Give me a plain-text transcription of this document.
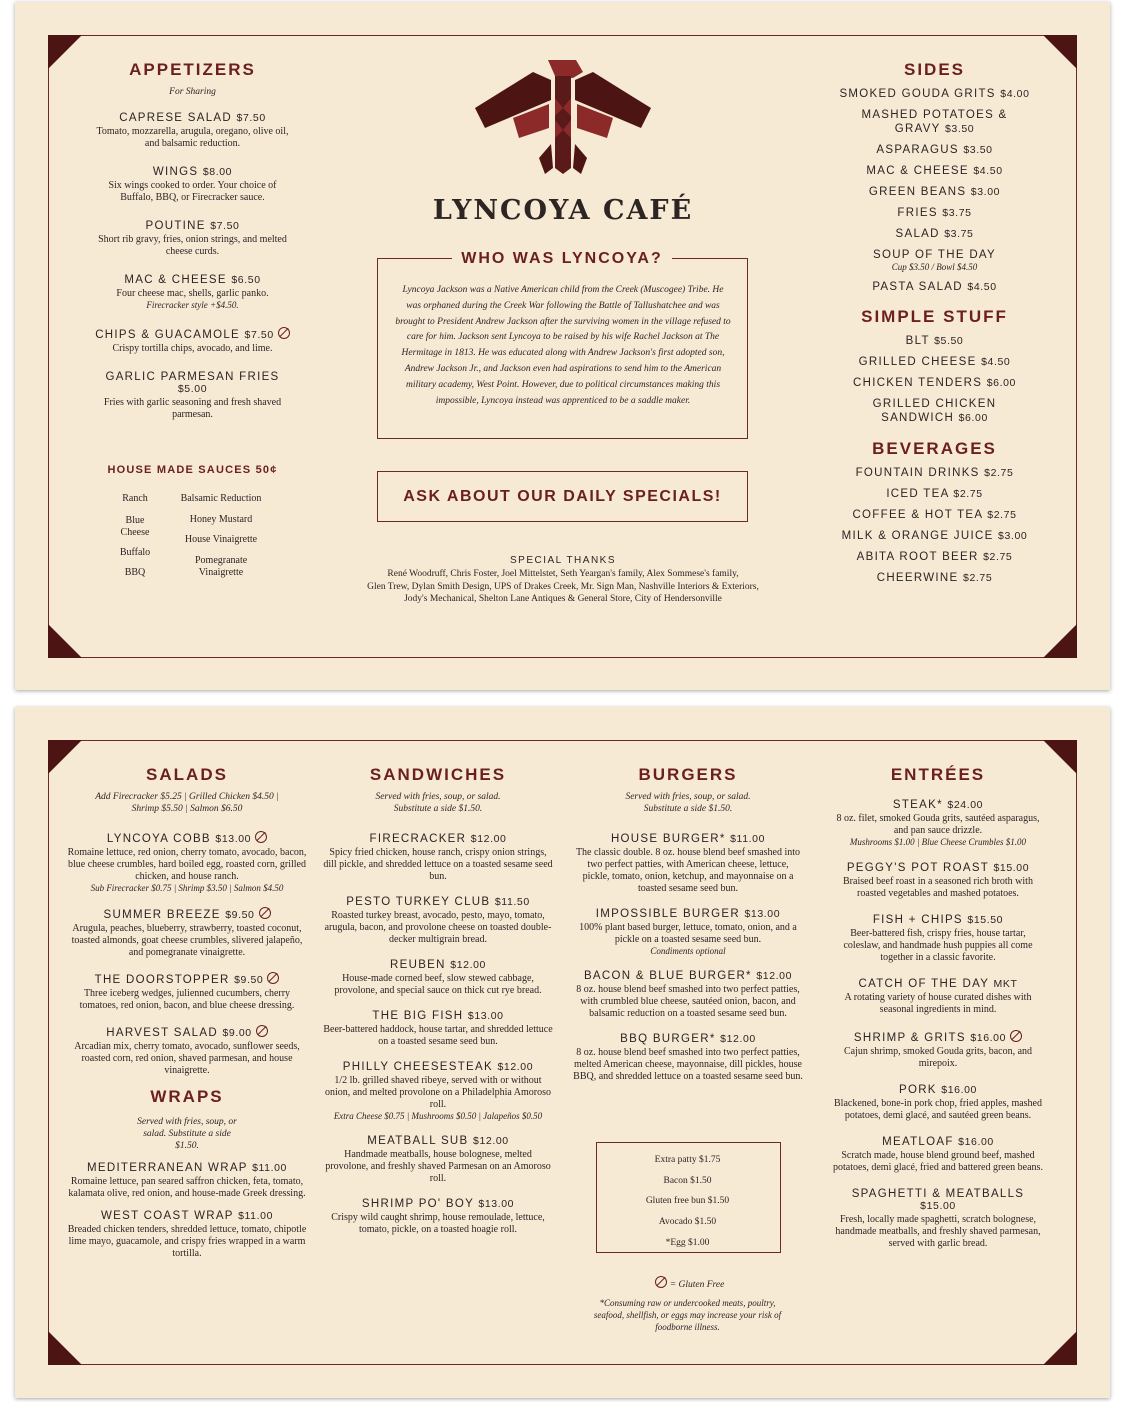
APPETIZERS
For Sharing
CAPRESE SALAD $7.50
Tomato, mozzarella, arugula, oregano, olive oil, and balsamic reduction.
WINGS $8.00
Six wings cooked to order. Your choice of Buffalo, BBQ, or Firecracker sauce.
POUTINE $7.50
Short rib gravy, fries, onion strings, and melted cheese curds.
MAC & CHEESE $6.50
Four cheese mac, shells, garlic panko.
Firecracker style +$4.50.
CHIPS & GUACAMOLE $7.50
Crispy tortilla chips, avocado, and lime.
GARLIC PARMESAN FRIES $5.00
Fries with garlic seasoning and fresh shaved parmesan.
HOUSE MADE SAUCES 50¢
Ranch
Blue Cheese
Buffalo
BBQ
Balsamic Reduction
Honey Mustard
House Vinaigrette
Pomegranate Vinaigrette
LYNCOYA CAFÉ
WHO WAS LYNCOYA?
Lyncoya Jackson was a Native American child from the Creek (Muscogee) Tribe. He was orphaned during the Creek War following the Battle of Tallushatchee and was brought to President Andrew Jackson after the surviving women in the village refused to care for him. Jackson sent Lyncoya to be raised by his wife Rachel Jackson at The Hermitage in 1813. He was educated along with Andrew Jackson's first adopted son, Andrew Jackson Jr., and Jackson even had aspirations to send him to the American military academy, West Point. However, due to political circumstances making this impossible, Lyncoya instead was apprenticed to be a saddle maker.
ASK ABOUT OUR DAILY SPECIALS!
SPECIAL THANKS
René Woodruff, Chris Foster, Joel Mittelstet, Seth Yeargan's family, Alex Sommese's family,
Glen Trew, Dylan Smith Design, UPS of Drakes Creek, Mr. Sign Man, Nashville Interiors & Exteriors,
Jody's Mechanical, Shelton Lane Antiques & General Store, City of Hendersonville
SIDES
SMOKED GOUDA GRITS $4.00
MASHED POTATOES & GRAVY $3.50
ASPARAGUS $3.50
MAC & CHEESE $4.50
GREEN BEANS $3.00
FRIES $3.75
SALAD $3.75
SOUP OF THE DAY
Cup $3.50 / Bowl $4.50
PASTA SALAD $4.50
SIMPLE STUFF
BLT $5.50
GRILLED CHEESE $4.50
CHICKEN TENDERS $6.00
GRILLED CHICKEN SANDWICH $6.00
BEVERAGES
FOUNTAIN DRINKS $2.75
ICED TEA $2.75
COFFEE & HOT TEA $2.75
MILK & ORANGE JUICE $3.00
ABITA ROOT BEER $2.75
CHEERWINE $2.75
SALADS
Add Firecracker $5.25 | Grilled Chicken $4.50 | Shrimp $5.50 | Salmon $6.50
LYNCOYA COBB $13.00
Romaine lettuce, red onion, cherry tomato, avocado, bacon, blue cheese crumbles, hard boiled egg, roasted corn, grilled chicken, and house ranch.
Sub Firecracker $0.75 | Shrimp $3.50 | Salmon $4.50
SUMMER BREEZE $9.50
Arugula, peaches, blueberry, strawberry, toasted coconut, toasted almonds, goat cheese crumbles, slivered jalapeño, and pomegranate vinaigrette.
THE DOORSTOPPER $9.50
Three iceberg wedges, julienned cucumbers, cherry tomatoes, red onion, bacon, and blue cheese dressing.
HARVEST SALAD $9.00
Arcadian mix, cherry tomato, avocado, sunflower seeds, roasted corn, red onion, shaved parmesan, and house vinaigrette.
WRAPS
Served with fries, soup, or salad. Substitute a side $1.50.
MEDITERRANEAN WRAP $11.00
Romaine lettuce, pan seared saffron chicken, feta, tomato, kalamata olive, red onion, and house-made Greek dressing.
WEST COAST WRAP $11.00
Breaded chicken tenders, shredded lettuce, tomato, chipotle lime mayo, guacamole, and crispy fries wrapped in a warm tortilla.
SANDWICHES
Served with fries, soup, or salad. Substitute a side $1.50.
FIRECRACKER $12.00
Spicy fried chicken, house ranch, crispy onion strings, dill pickle, and shredded lettuce on a toasted sesame seed bun.
PESTO TURKEY CLUB $11.50
Roasted turkey breast, avocado, pesto, mayo, tomato, arugula, bacon, and provolone cheese on toasted double-decker multigrain bread.
REUBEN $12.00
House-made corned beef, slow stewed cabbage, provolone, and special sauce on thick cut rye bread.
THE BIG FISH $13.00
Beer-battered haddock, house tartar, and shredded lettuce on a toasted sesame seed bun.
PHILLY CHEESESTEAK $12.00
1/2 lb. grilled shaved ribeye, served with or without onion, and melted provolone on a Philadelphia Amoroso roll.
Extra Cheese $0.75 | Mushrooms $0.50 | Jalapeños $0.50
MEATBALL SUB $12.00
Handmade meatballs, house bolognese, melted provolone, and freshly shaved Parmesan on an Amoroso roll.
SHRIMP PO' BOY $13.00
Crispy wild caught shrimp, house remoulade, lettuce, tomato, pickle, on a toasted hoagie roll.
BURGERS
Served with fries, soup, or salad. Substitute a side $1.50.
HOUSE BURGER* $11.00
The classic double. 8 oz. house blend beef smashed into two perfect patties, with American cheese, lettuce, pickle, tomato, onion, ketchup, and mayonnaise on a toasted sesame seed bun.
IMPOSSIBLE BURGER $13.00
100% plant based burger, lettuce, tomato, onion, and a pickle on a toasted sesame seed bun.
Condiments optional
BACON & BLUE BURGER* $12.00
8 oz. house blend beef smashed into two perfect patties, with crumbled blue cheese, sautéed onion, bacon, and balsamic reduction on a toasted sesame seed bun.
BBQ BURGER* $12.00
8 oz. house blend beef smashed into two perfect patties, melted American cheese, mayonnaise, dill pickles, house BBQ, and shredded lettuce on a toasted sesame seed bun.
Extra patty $1.75
Bacon $1.50
Gluten free bun $1.50
Avocado $1.50
*Egg $1.00
= Gluten Free
*Consuming raw or undercooked meats, poultry, seafood, shellfish, or eggs may increase your risk of foodborne illness.
ENTRÉES
STEAK* $24.00
8 oz. filet, smoked Gouda grits, sautéed asparagus, and pan sauce drizzle.
Mushrooms $1.00 | Blue Cheese Crumbles $1.00
PEGGY'S POT ROAST $15.00
Braised beef roast in a seasoned rich broth with roasted vegetables and mashed potatoes.
FISH + CHIPS $15.50
Beer-battered fish, crispy fries, house tartar, coleslaw, and handmade hush puppies all come together in a classic favorite.
CATCH OF THE DAY MKT
A rotating variety of house curated dishes with seasonal ingredients in mind.
SHRIMP & GRITS $16.00
Cajun shrimp, smoked Gouda grits, bacon, and mirepoix.
PORK $16.00
Blackened, bone-in pork chop, fried apples, mashed potatoes, demi glacé, and sautéed green beans.
MEATLOAF $16.00
Scratch made, house blend ground beef, mashed potatoes, demi glacé, fried and battered green beans.
SPAGHETTI & MEATBALLS $15.00
Fresh, locally made spaghetti, scratch bolognese, handmade meatballs, and freshly shaved parmesan, served with garlic bread.
